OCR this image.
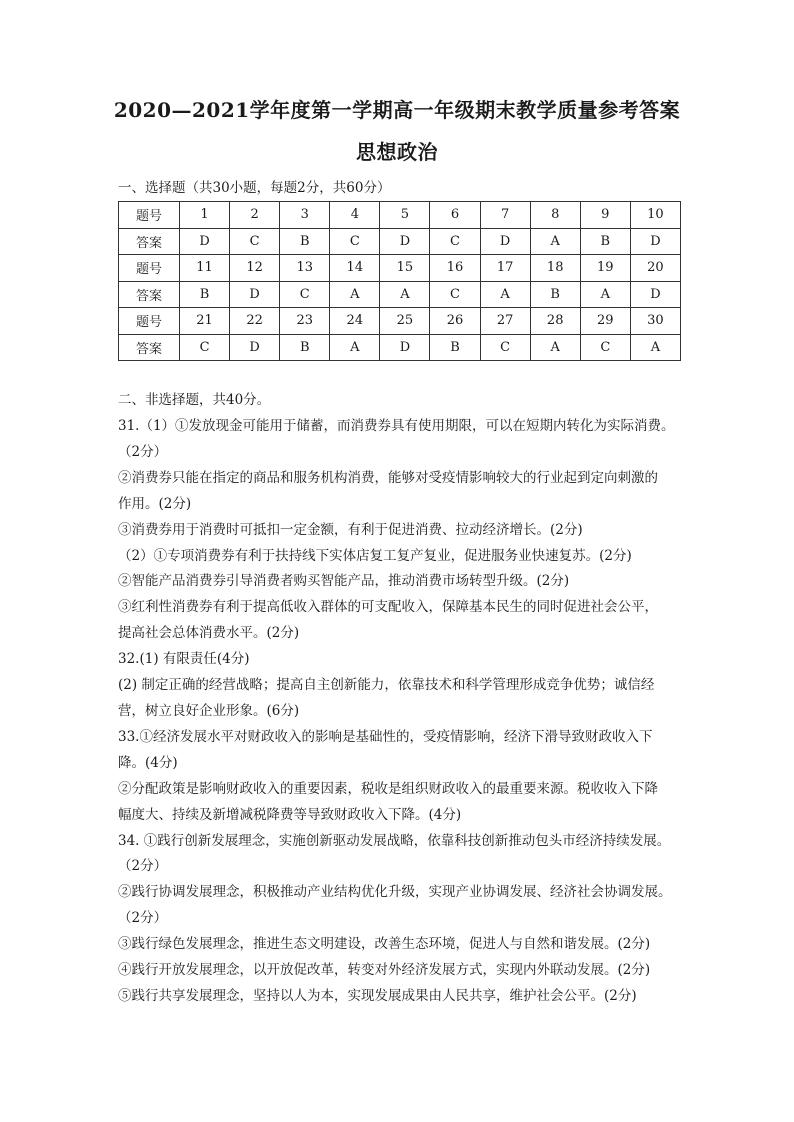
2020—2021学年度第一学期高一年级期末教学质量参考答案
思想政治
一、选择题（共30小题，每题2分，共60分）
题号	1	2	3	4	5	6	7	8	9	10
答案	D	C	B	C	D	C	D	A	B	D
题号	11	12	13	14	15	16	17	18	19	20
答案	B	D	C	A	A	C	A	B	A	D
题号	21	22	23	24	25	26	27	28	29	30
答案	C	D	B	A	D	B	C	A	C	A
二、非选择题，共40分。

31.（1）①发放现金可能用于储蓄，而消费券具有使用期限，可以在短期内转化为实际消费。

（2分）

②消费券只能在指定的商品和服务机构消费，能够对受疫情影响较大的行业起到定向刺激的

作用。(2分)

③消费券用于消费时可抵扣一定金额，有利于促进消费、拉动经济增长。(2分)

（2）①专项消费券有利于扶持线下实体店复工复产复业，促进服务业快速复苏。(2分)

②智能产品消费券引导消费者购买智能产品，推动消费市场转型升级。(2分)

③红利性消费券有利于提高低收入群体的可支配收入，保障基本民生的同时促进社会公平，

提高社会总体消费水平。(2分)

32.(1) 有限责任(4分)

(2) 制定正确的经营战略；提高自主创新能力，依靠技术和科学管理形成竞争优势；诚信经

营，树立良好企业形象。(6分)

33.①经济发展水平对财政收入的影响是基础性的，受疫情影响，经济下滑导致财政收入下

降。(4分)

②分配政策是影响财政收入的重要因素，税收是组织财政收入的最重要来源。税收收入下降

幅度大、持续及新增减税降费等导致财政收入下降。(4分)

34. ①践行创新发展理念，实施创新驱动发展战略，依靠科技创新推动包头市经济持续发展。

（2分）

②践行协调发展理念，积极推动产业结构优化升级，实现产业协调发展、经济社会协调发展。

（2分）

③践行绿色发展理念，推进生态文明建设，改善生态环境，促进人与自然和谐发展。(2分)

④践行开放发展理念，以开放促改革，转变对外经济发展方式，实现内外联动发展。(2分)

⑤践行共享发展理念，坚持以人为本，实现发展成果由人民共享，维护社会公平。(2分)
